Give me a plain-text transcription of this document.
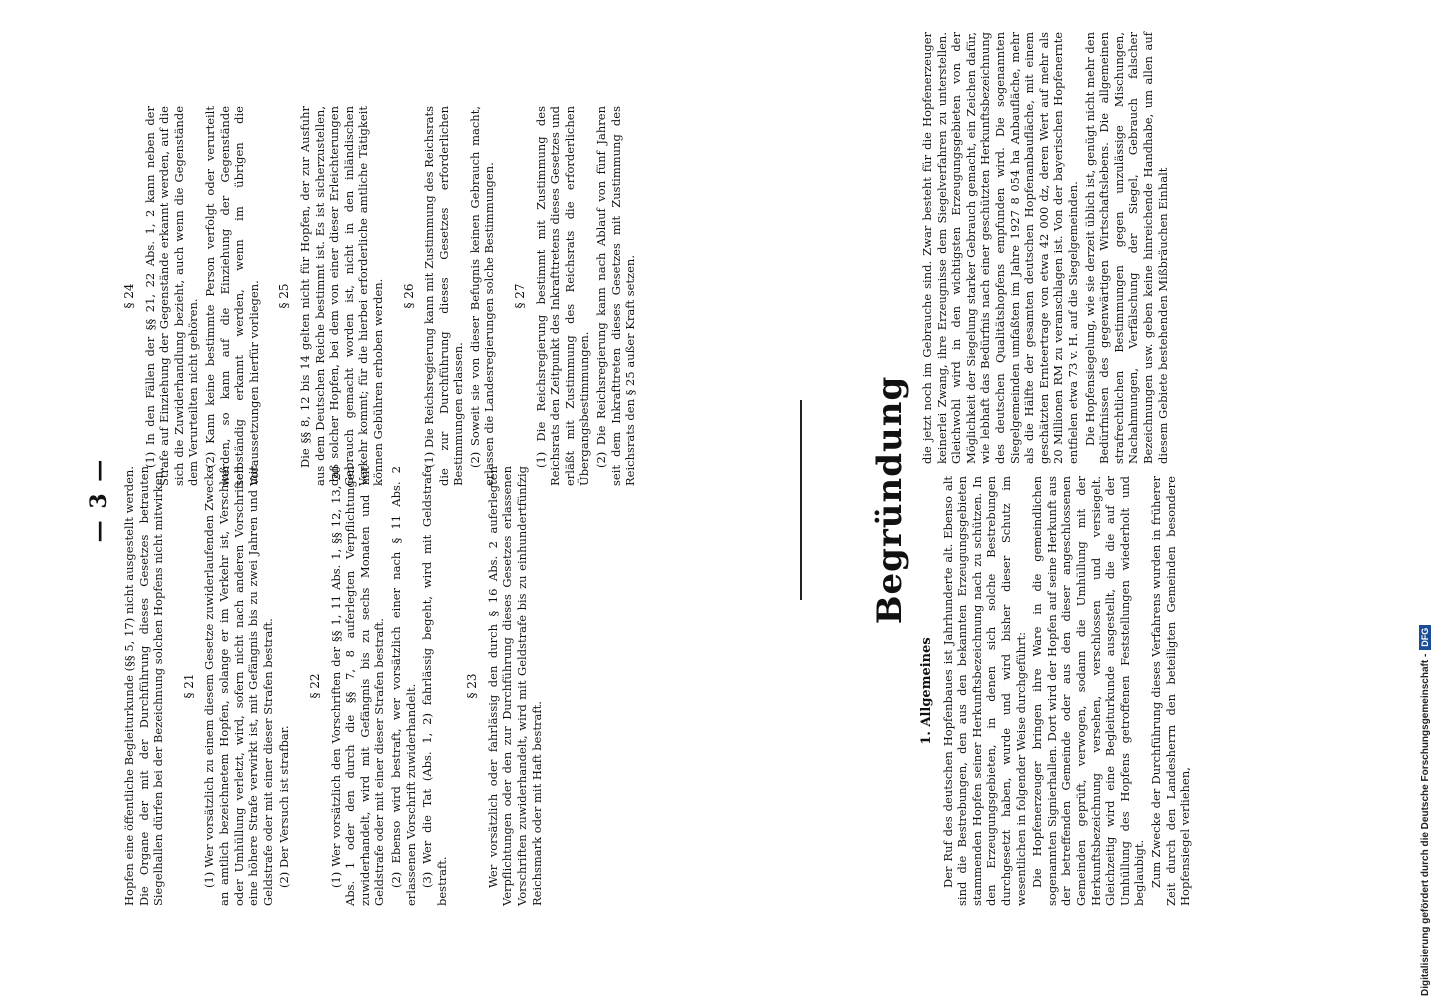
— 3 — Hopfen eine öffentliche Begleiturkunde (§§ 5, 17) nicht ausgestellt werden. Die Organe der mit der Durchführung dieses Gesetzes betrauten Siegelhallen dürfen bei der Bezeichnung solchen Hopfens nicht mitwirken. § 21 (1) Wer vorsätzlich zu einem diesem Gesetze zuwiderlaufenden Zwecke an amtlich bezeichnetem Hopfen, solange er im Verkehr ist, Verschluß oder Umhüllung verletzt, wird, sofern nicht nach anderen Vorschriften eine höhere Strafe verwirkt ist, mit Gefängnis bis zu zwei Jahren und mit Geldstrafe oder mit einer dieser Strafen bestraft. (2) Der Versuch ist strafbar.

§ 22 (1) Wer vorsätzlich den Vorschriften der §§ 1, 11 Abs. 1, §§ 12, 13, 20 Abs. 1 oder den durch die §§ 7, 8 auferlegten Verpflichtungen zuwiderhandelt, wird mit Gefängnis bis zu sechs Monaten und mit Geldstrafe oder mit einer dieser Strafen bestraft. (2) Ebenso wird bestraft, wer vorsätzlich einer nach § 11 Abs. 2 erlassenen Vorschrift zuwiderhandelt. (3) Wer die Tat (Abs. 1, 2) fahrlässig begeht, wird mit Geldstrafe bestraft.

§ 23 Wer vorsätzlich oder fahrlässig den durch § 16 Abs. 2 auferlegten Verpflichtungen oder den zur Durchführung dieses Gesetzes erlassenen Vorschriften zuwiderhandelt, wird mit Geldstrafe bis zu einhundertfünfzig Reichsmark oder mit Haft bestraft.

§ 24 (1) In den Fällen der §§ 21, 22 Abs. 1, 2 kann neben der Strafe auf Einziehung der Gegenstände erkannt werden, auf die sich die Zuwiderhandlung bezieht, auch wenn die Gegenstände dem Verurteilten nicht gehören. (2) Kann keine bestimmte Person verfolgt oder verurteilt werden, so kann auf die Einziehung der Gegenstände selbständig erkannt werden, wenn im übrigen die Voraussetzungen hierfür vorliegen. § 25 Die §§ 8, 12 bis 14 gelten nicht für Hopfen, der zur Ausfuhr aus dem Deutschen Reiche bestimmt ist. Es ist sicherzustellen, daß solcher Hopfen, bei dem von einer dieser Erleichterungen Gebrauch gemacht worden ist, nicht in den inländischen Verkehr kommt; für die hierbei erforderliche amtliche Tätigkeit können Gebühren erhoben werden. § 26 (1) Die Reichsregierung kann mit Zustimmung des Reichsrats die zur Durchführung dieses Gesetzes erforderlichen Bestimmungen erlassen. (2) Soweit sie von dieser Befugnis keinen Gebrauch macht, erlassen die Landesregierungen solche Bestimmungen. § 27 (1) Die Reichsregierung bestimmt mit Zustimmung des Reichsrats den Zeitpunkt des Inkrafttretens dieses Gesetzes und erläßt mit Zustimmung des Reichsrats die erforderlichen Übergangsbestimmungen. (2) Die Reichsregierung kann nach Ablauf von fünf Jahren seit dem Inkrafttreten dieses Gesetzes mit Zustimmung des Reichsrats den § 25 außer Kraft setzen.

Begründung
1. Allgemeines Der Ruf des deutschen Hopfenbaues ist Jahrhunderte alt. Ebenso alt sind die Bestrebungen, den aus den bekannten Erzeugungsgebieten stammenden Hopfen seiner Herkunftsbezeichnung nach zu schützen. In den Erzeugungsgebieten, in denen sich solche Bestrebungen durchgesetzt haben, wurde und wird bisher dieser Schutz im wesentlichen in folgender Weise durchgeführt: Die Hopfenerzeuger bringen ihre Ware in die gemeindlichen sogenannten Signierhallen. Dort wird der Hopfen auf seine Herkunft aus der betreffenden Gemeinde oder aus den dieser angeschlossenen Gemeinden geprüft, verwogen, sodann die Umhüllung mit der Herkunftsbezeichnung versehen, verschlossen und versiegelt. Gleichzeitig wird eine Begleiturkunde ausgestellt, die die auf der Umhüllung des Hopfens getroffenen Feststellungen wiederholt und beglaubigt. Zum Zwecke der Durchführung dieses Verfahrens wurden in früherer Zeit durch den Landesherrn den beteiligten Gemeinden besondere Hopfensiegel verliehen,

die jetzt noch im Gebrauche sind. Zwar besteht für die Hopfenerzeuger keinerlei Zwang, ihre Erzeugnisse dem Siegelverfahren zu unterstellen. Gleichwohl wird in den wichtigsten Erzeugungsgebieten von der Möglichkeit der Siegelung starker Gebrauch gemacht, ein Zeichen dafür, wie lebhaft das Bedürfnis nach einer geschützten Herkunftsbezeichnung des deutschen Qualitätshopfens empfunden wird. Die sogenannten Siegelgemeinden umfaßten im Jahre 1927 8 054 ha Anbaufläche, mehr als die Hälfte der gesamten deutschen Hopfenanbaufläche, mit einem geschätzten Ernteertrage von etwa 42 000 dz, deren Wert auf mehr als 20 Millionen RM zu veranschlagen ist. Von der bayerischen Hopfenernte entfielen etwa 73 v. H. auf die Siegelgemeinden. Die Hopfensiegelung, wie sie derzeit üblich ist, genügt nicht mehr den Bedürfnissen des gegenwärtigen Wirtschaftslebens. Die allgemeinen strafrechtlichen Bestimmungen gegen unzulässige Mischungen, Nachahmungen, Verfälschung der Siegel, Gebrauch falscher Bezeichnungen usw. geben keine hinreichende Handhabe, um allen auf diesem Gebiete bestehenden Mißbräuchen Einhalt

Digitalisierung gefördert durch die Deutsche Forschungsgemeinschaft -
DFG
